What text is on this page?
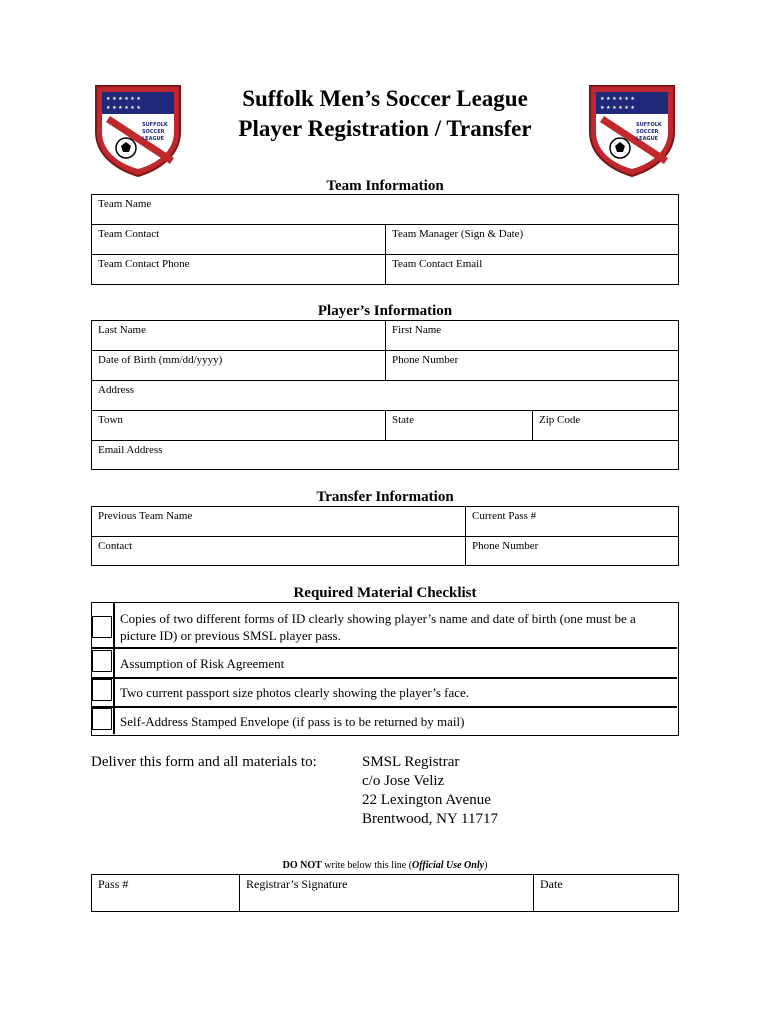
★ ★ ★ ★ ★ ★
★ ★ ★ ★ ★ ★
SUFFOLK
SOCCER
LEAGUE
★ ★ ★ ★ ★ ★
★ ★ ★ ★ ★ ★
SUFFOLK
SOCCER
LEAGUE
Suffolk Men’s Soccer League
Player Registration / Transfer
Team Information
Team Name
Team Contact	Team Manager (Sign & Date)
Team Contact Phone	Team Contact Email
Player’s Information
Last Name	First Name
Date of Birth (mm/dd/yyyy)	Phone Number
Address
Town	State	Zip Code
Email Address
Transfer Information
Previous Team Name	Current Pass #
Contact	Phone Number
Required Material Checklist
Copies of two different forms of ID clearly showing player’s name and date of birth (one must be a picture ID) or previous SMSL player pass.
Assumption of Risk Agreement
Two current passport size photos clearly showing the player’s face.
Self-Address Stamped Envelope (if pass is to be returned by mail)
Deliver this form and all materials to:	SMSL Registrar
c/o Jose Veliz
22 Lexington Avenue
Brentwood, NY 11717
DO NOT write below this line (Official Use Only)
Pass #	Registrar’s Signature	Date
